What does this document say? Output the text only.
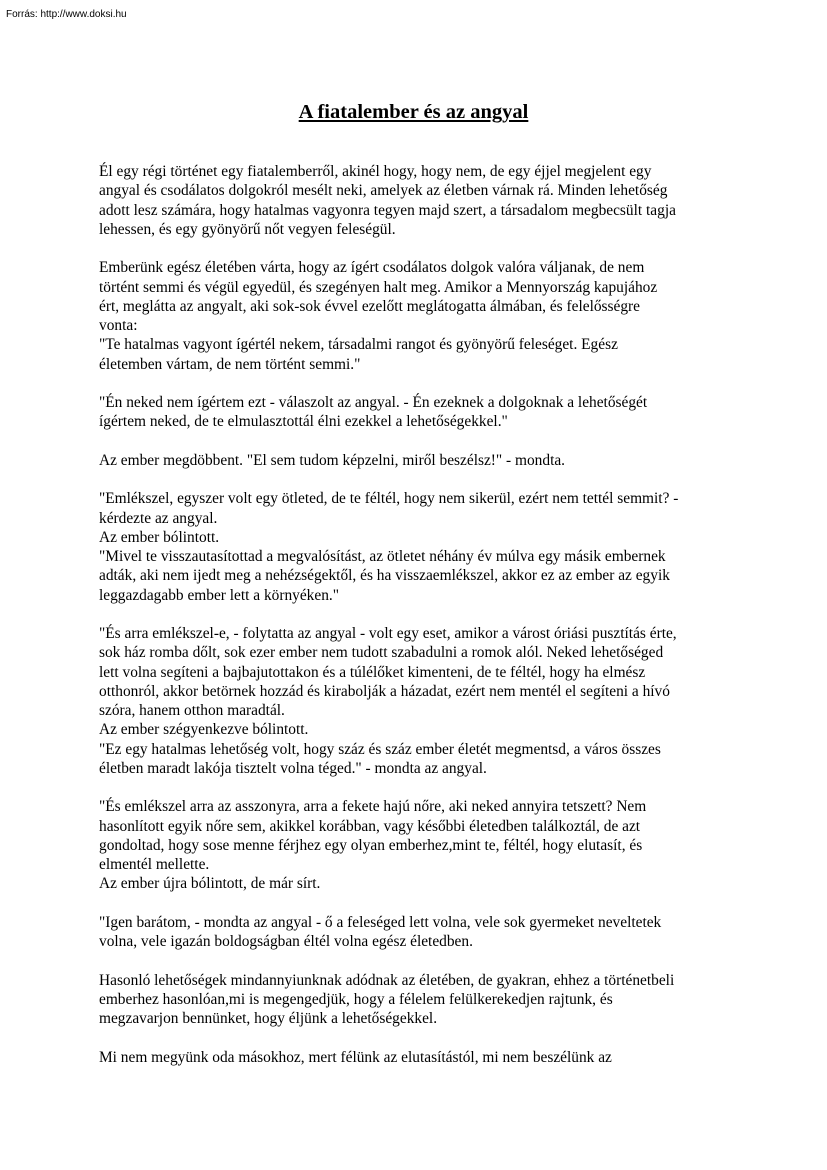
Forrás: http://www.doksi.hu
A fiatalember és az angyal

Él egy régi történet egy fiatalemberről, akinél hogy, hogy nem, de egy éjjel megjelent egy
angyal és csodálatos dolgokról mesélt neki, amelyek az életben várnak rá. Minden lehetőség
adott lesz számára, hogy hatalmas vagyonra tegyen majd szert, a társadalom megbecsült tagja
lehessen, és egy gyönyörű nőt vegyen feleségül.

Emberünk egész életében várta, hogy az ígért csodálatos dolgok valóra váljanak, de nem
történt semmi és végül egyedül, és szegényen halt meg. Amikor a Mennyország kapujához
ért, meglátta az angyalt, aki sok-sok évvel ezelőtt meglátogatta álmában, és felelősségre
vonta:
"Te hatalmas vagyont ígértél nekem, társadalmi rangot és gyönyörű feleséget. Egész
életemben vártam, de nem történt semmi."

"Én neked nem ígértem ezt - válaszolt az angyal. - Én ezeknek a dolgoknak a lehetőségét
ígértem neked, de te elmulasztottál élni ezekkel a lehetőségekkel."

Az ember megdöbbent. "El sem tudom képzelni, miről beszélsz!" - mondta.

"Emlékszel, egyszer volt egy ötleted, de te féltél, hogy nem sikerül, ezért nem tettél semmit? -
kérdezte az angyal.
Az ember bólintott.
"Mivel te visszautasítottad a megvalósítást, az ötletet néhány év múlva egy másik embernek
adták, aki nem ijedt meg a nehézségektől, és ha visszaemlékszel, akkor ez az ember az egyik
leggazdagabb ember lett a környéken."

"És arra emlékszel-e, - folytatta az angyal - volt egy eset, amikor a várost óriási pusztítás érte,
sok ház romba dőlt, sok ezer ember nem tudott szabadulni a romok alól. Neked lehetőséged
lett volna segíteni a bajbajutottakon és a túlélőket kimenteni, de te féltél, hogy ha elmész
otthonról, akkor betörnek hozzád és kirabolják a házadat, ezért nem mentél el segíteni a hívó
szóra, hanem otthon maradtál.
Az ember szégyenkezve bólintott.
"Ez egy hatalmas lehetőség volt, hogy száz és száz ember életét megmentsd, a város összes
életben maradt lakója tisztelt volna téged." - mondta az angyal.

"És emlékszel arra az asszonyra, arra a fekete hajú nőre, aki neked annyira tetszett? Nem
hasonlított egyik nőre sem, akikkel korábban, vagy későbbi életedben találkoztál, de azt
gondoltad, hogy sose menne férjhez egy olyan emberhez,mint te, féltél, hogy elutasít, és
elmentél mellette.
Az ember újra bólintott, de már sírt.

"Igen barátom, - mondta az angyal - ő a feleséged lett volna, vele sok gyermeket neveltetek
volna, vele igazán boldogságban éltél volna egész életedben.

Hasonló lehetőségek mindannyiunknak adódnak az életében, de gyakran, ehhez a történetbeli
emberhez hasonlóan,mi is megengedjük, hogy a félelem felülkerekedjen rajtunk, és
megzavarjon bennünket, hogy éljünk a lehetőségekkel.

Mi nem megyünk oda másokhoz, mert félünk az elutasítástól, mi nem beszélünk az
